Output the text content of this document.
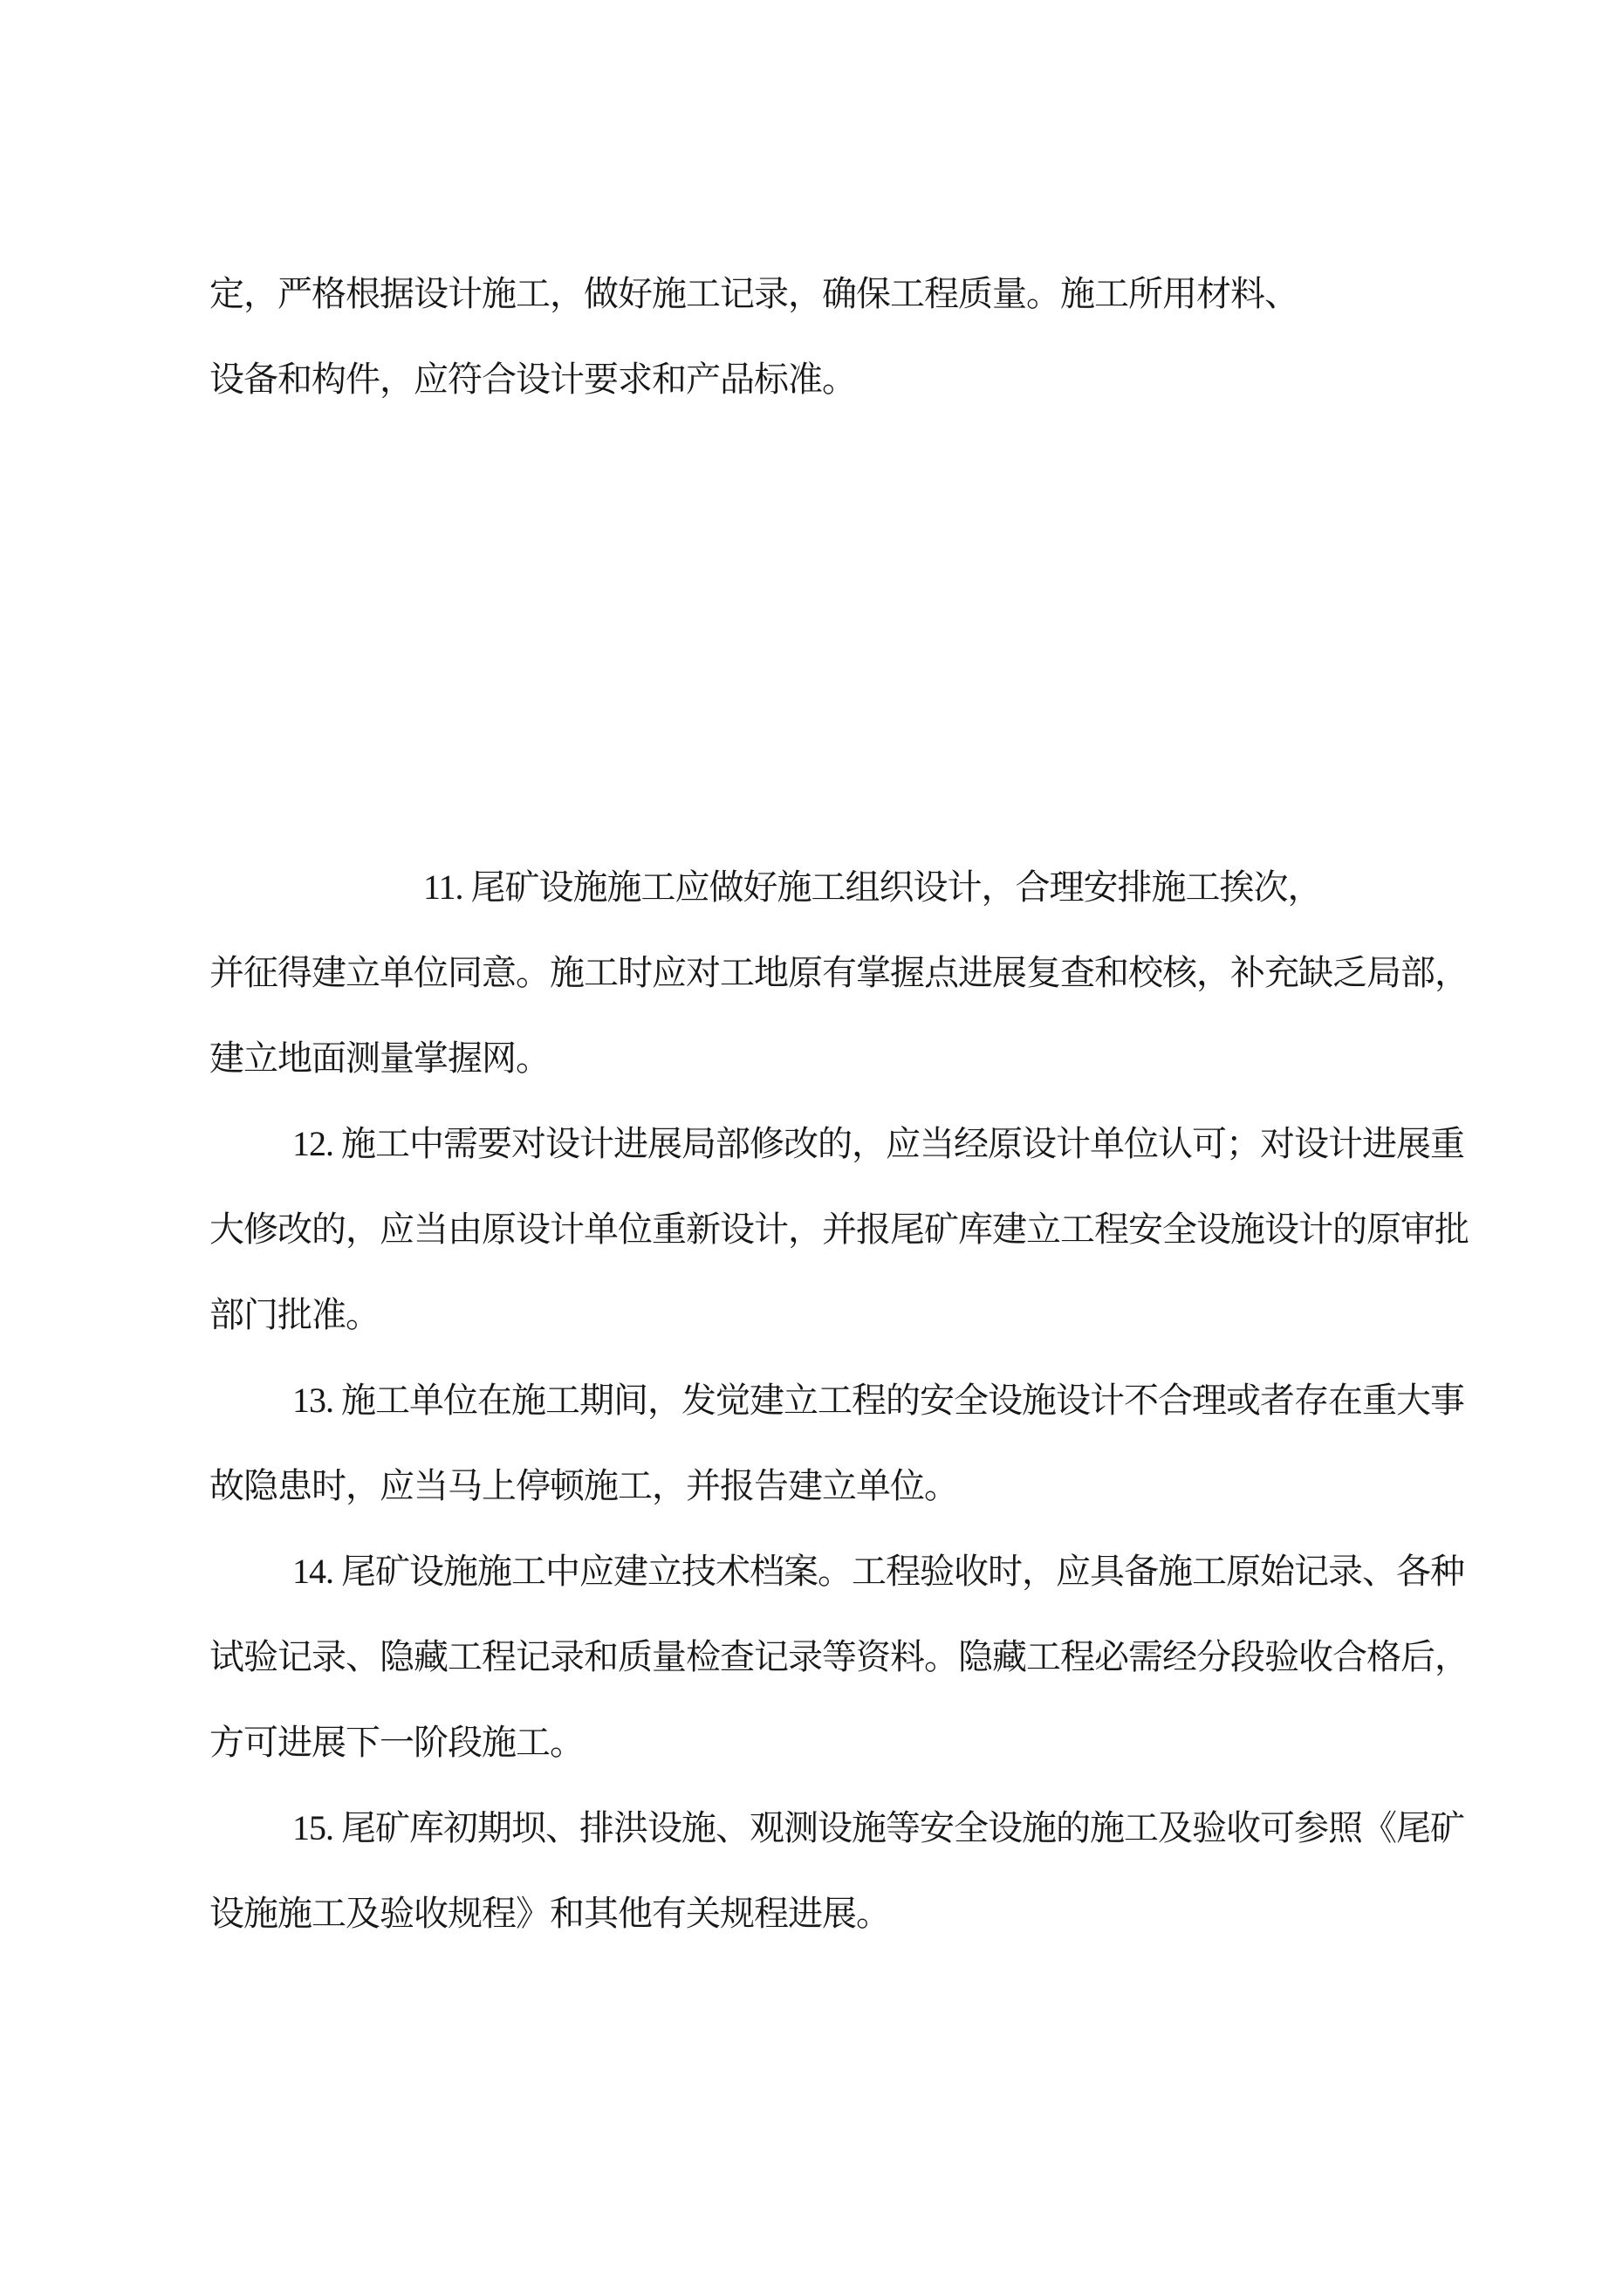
定，严格根据设计施工，做好施工记录，确保工程质量。施工所用材料、
设备和构件，应符合设计要求和产品标准。
11. 尾矿设施施工应做好施工组织设计，合理安排施工挨次，
并征得建立单位同意。施工时应对工地原有掌握点进展复查和校核，补充缺乏局部，
建立地面测量掌握网。
12. 施工中需要对设计进展局部修改的，应当经原设计单位认可；对设计进展重
大修改的，应当由原设计单位重新设计，并报尾矿库建立工程安全设施设计的原审批
部门批准。
13. 施工单位在施工期间，发觉建立工程的安全设施设计不合理或者存在重大事
故隐患时，应当马上停顿施工，并报告建立单位。
14. 尾矿设施施工中应建立技术档案。工程验收时，应具备施工原始记录、各种
试验记录、隐藏工程记录和质量检查记录等资料。隐藏工程必需经分段验收合格后，
方可进展下一阶段施工。
15. 尾矿库初期坝、排洪设施、观测设施等安全设施的施工及验收可参照《尾矿
设施施工及验收规程》和其他有关规程进展。
